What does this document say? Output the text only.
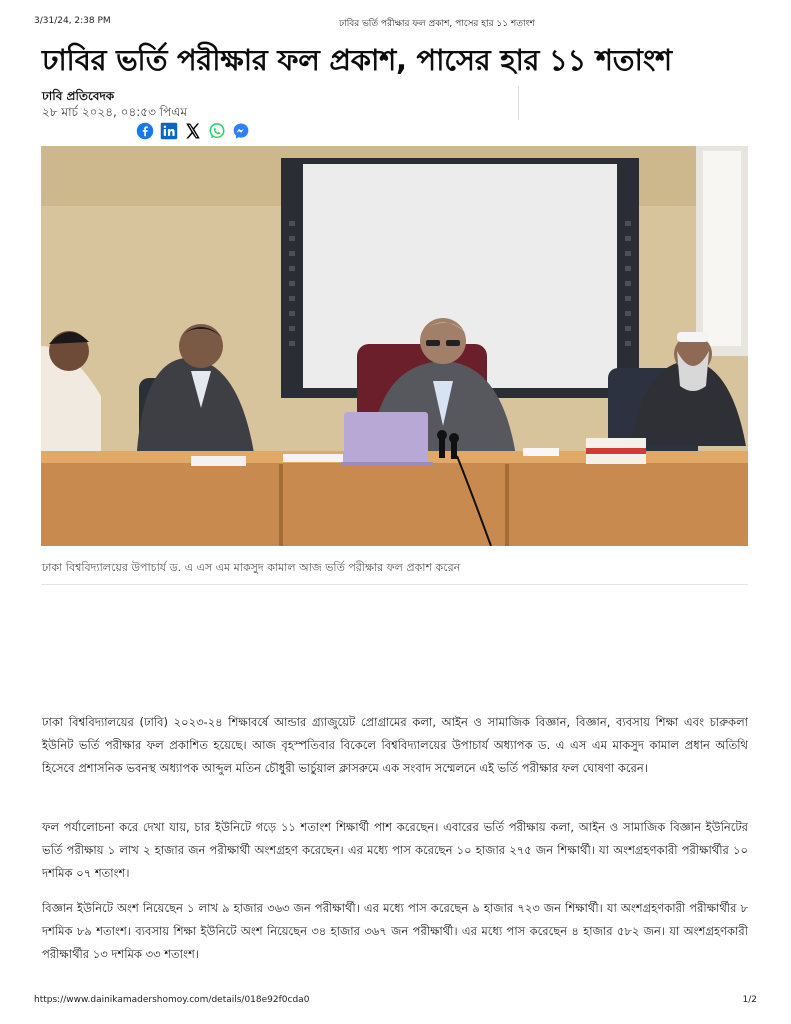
3/31/24, 2:38 PM	ঢাবির ভর্তি পরীক্ষার ফল প্রকাশ, পাসের হার ১১ শতাংশ
ঢাবির ভর্তি পরীক্ষার ফল প্রকাশ, পাসের হার ১১ শতাংশ
ঢাবি প্রতিবেদক
২৮ মার্চ ২০২৪, ০৪:৫৩ পিএম
ঢাকা বিশ্ববিদ্যালয়ের উপাচার্য ড. এ এস এম মাকসুদ কামাল আজ ভর্তি পরীক্ষার ফল প্রকাশ করেন

ঢাকা বিশ্ববিদ্যালয়ের (ঢাবি) ২০২৩-২৪ শিক্ষাবর্ষে আন্ডার গ্র্যাজুয়েট প্রোগ্রামের কলা, আইন ও সামাজিক বিজ্ঞান, বিজ্ঞান, ব্যবসায় শিক্ষা এবং চারুকলা ইউনিট ভর্তি পরীক্ষার ফল প্রকাশিত হয়েছে। আজ বৃহস্পতিবার বিকেলে বিশ্ববিদ্যালয়ের উপাচার্য অধ্যাপক ড. এ এস এম মাকসুদ কামাল প্রধান অতিথি হিসেবে প্রশাসনিক ভবনস্থ অধ্যাপক আব্দুল মতিন চৌধুরী ভার্চুয়াল ক্লাসরুমে এক সংবাদ সম্মেলনে এই ভর্তি পরীক্ষার ফল ঘোষণা করেন।

ফল পর্যালোচনা করে দেখা যায়, চার ইউনিটে গড়ে ১১ শতাংশ শিক্ষার্থী পাশ করেছেন। এবারের ভর্তি পরীক্ষায় কলা, আইন ও সামাজিক বিজ্ঞান ইউনিটের ভর্তি পরীক্ষায় ১ লাখ ২ হাজার জন পরীক্ষার্থী অংশগ্রহণ করেছেন। এর মধ্যে পাস করেছেন ১০ হাজার ২৭৫ জন শিক্ষার্থী। যা অংশগ্রহণকারী পরীক্ষার্থীর ১০ দশমিক ০৭ শতাংশ।

বিজ্ঞান ইউনিটে অংশ নিয়েছেন ১ লাখ ৯ হাজার ৩৬৩ জন পরীক্ষার্থী। এর মধ্যে পাস করেছেন ৯ হাজার ৭২৩ জন শিক্ষার্থী। যা অংশগ্রহণকারী পরীক্ষার্থীর ৮ দশমিক ৮৯ শতাংশ। ব্যবসায় শিক্ষা ইউনিটে অংশ নিয়েছেন ৩৪ হাজার ৩৬৭ জন পরীক্ষার্থী। এর মধ্যে পাস করেছেন ৪ হাজার ৫৮২ জন। যা অংশগ্রহণকারী পরীক্ষার্থীর ১৩ দশমিক ৩৩ শতাংশ।

https://www.dainikamadershomoy.com/details/018e92f0cda0	1/2
